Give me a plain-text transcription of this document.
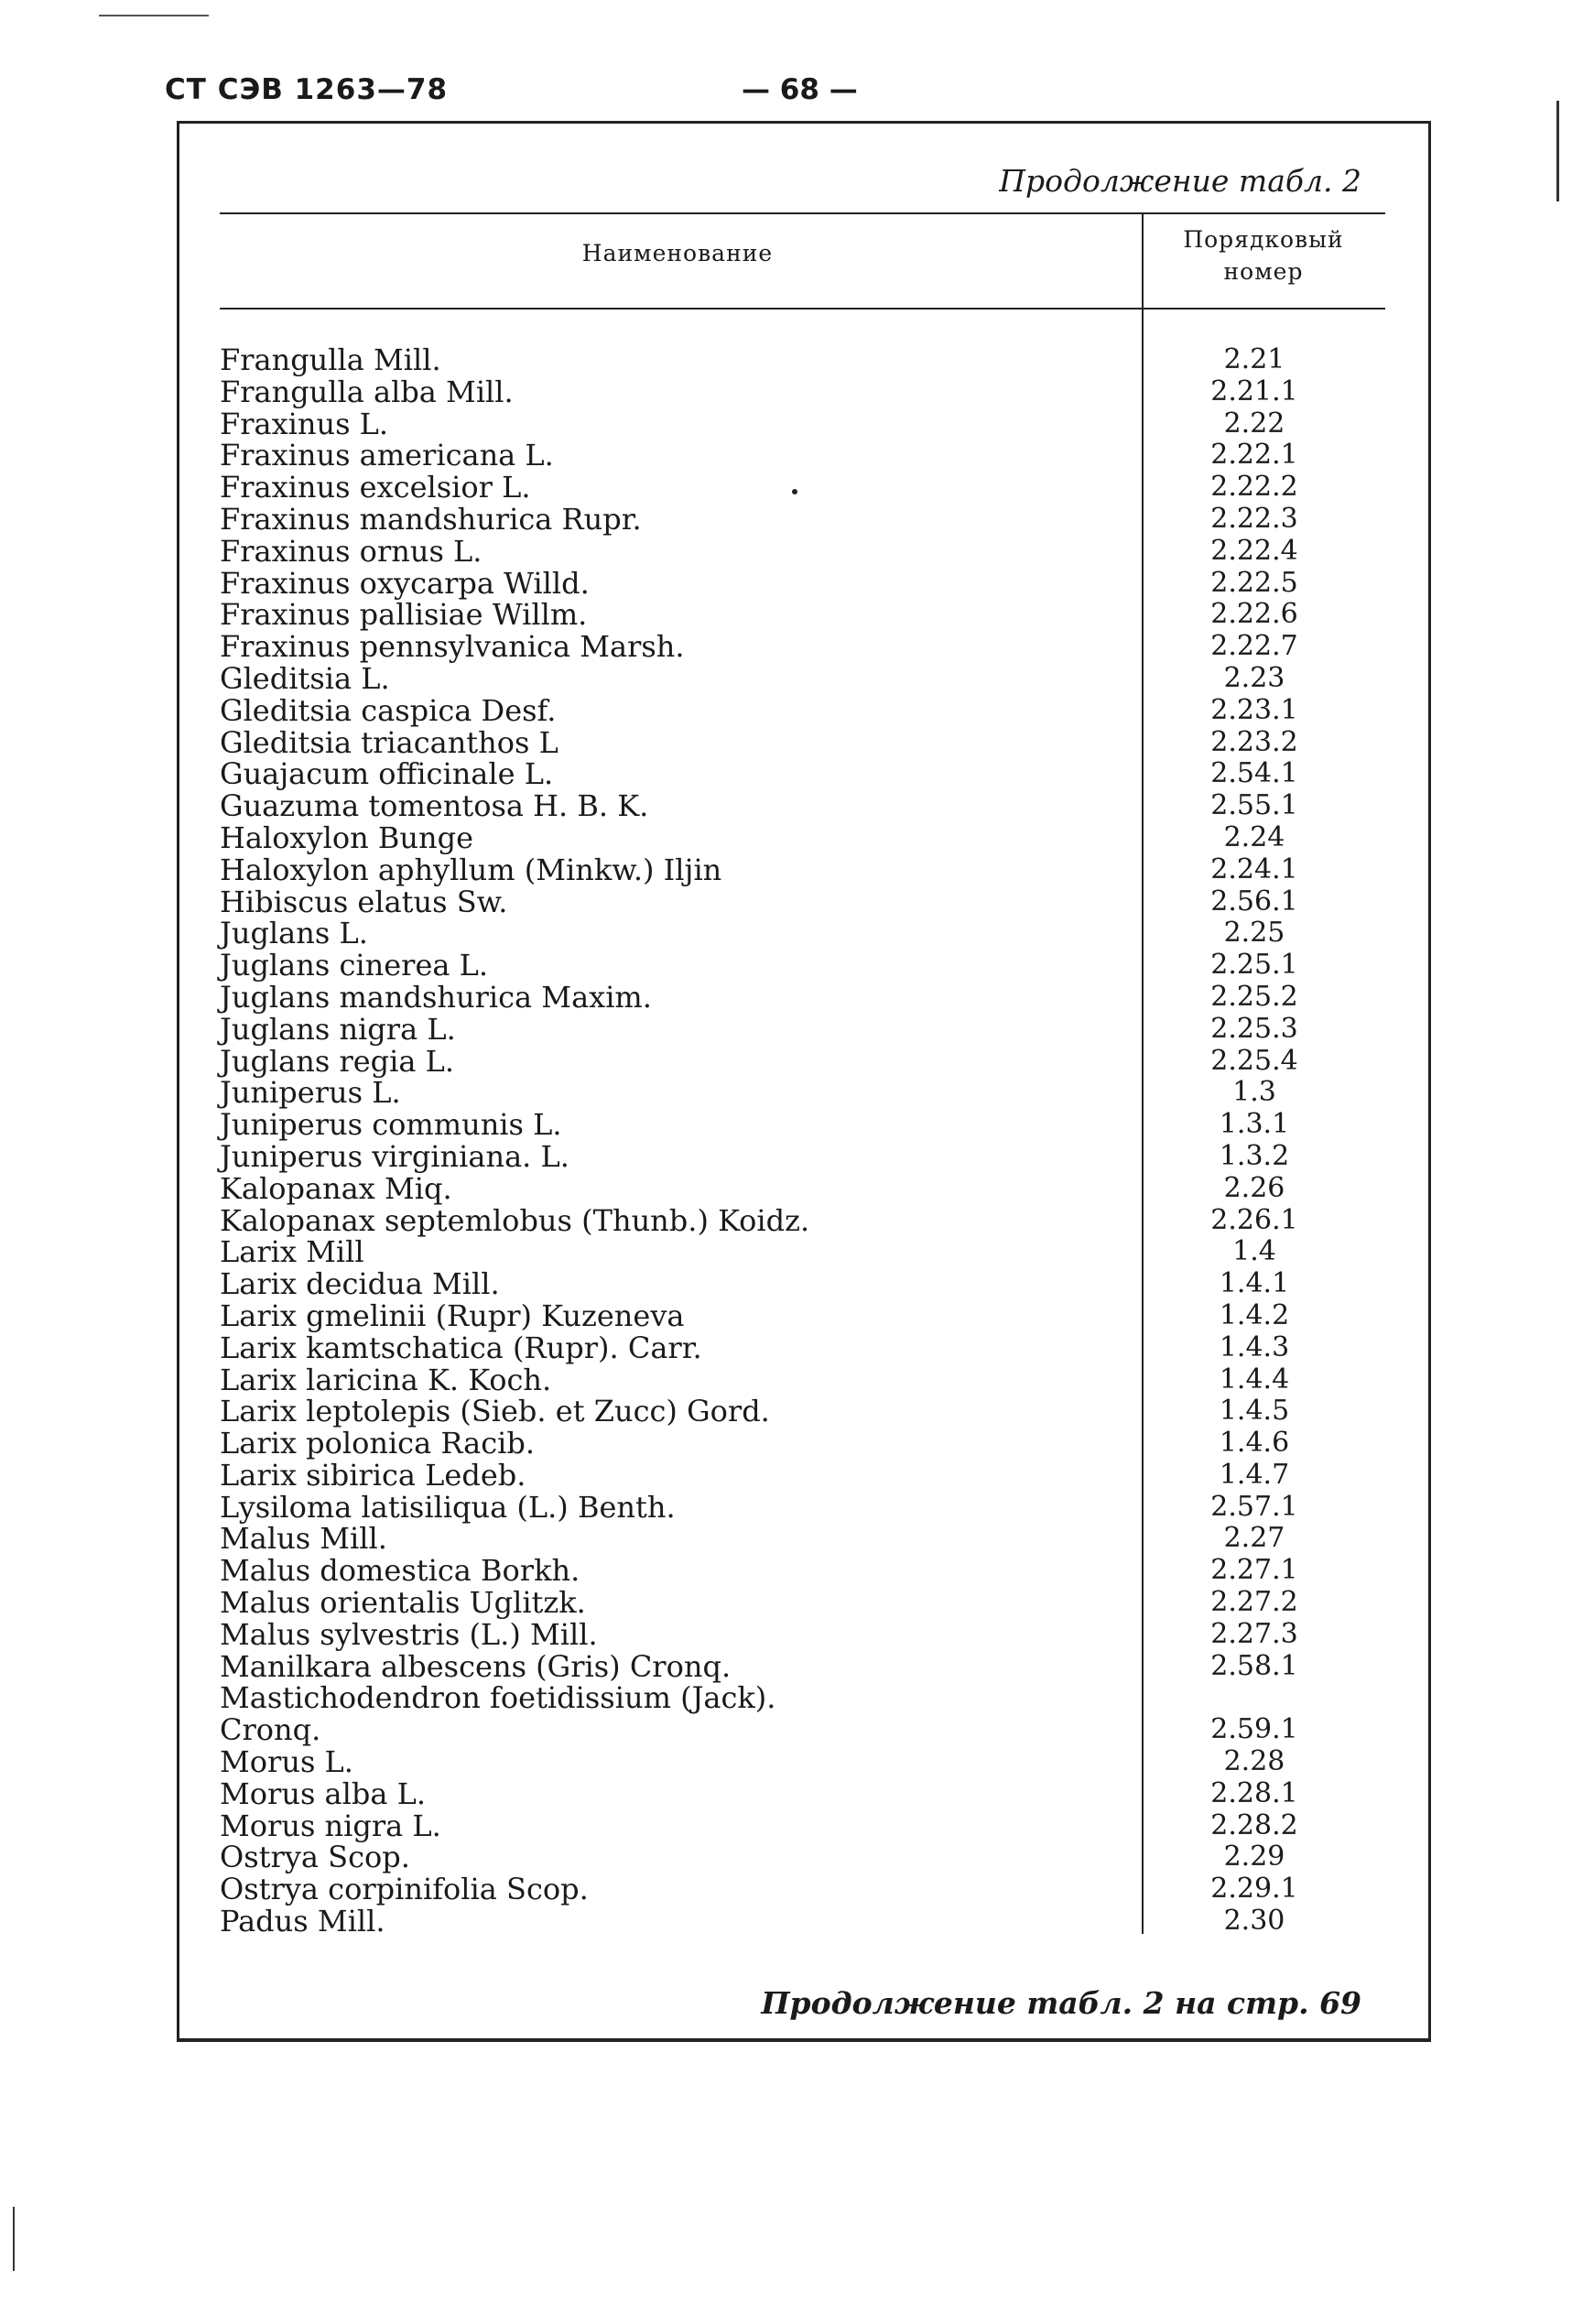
СТ СЭВ 1263—78	— 68 —
Продолжение табл. 2
Наименование
Порядковый
номер
Frangulla Mill.	2.21
Frangulla alba Mill.	2.21.1
Fraxinus L.	2.22
Fraxinus americana L.	2.22.1
Fraxinus excelsior L.	2.22.2
Fraxinus mandshurica Rupr.	2.22.3
Fraxinus ornus L.	2.22.4
Fraxinus oxycarpa Willd.	2.22.5
Fraxinus pallisiae Willm.	2.22.6
Fraxinus pennsylvanica Marsh.	2.22.7
Gleditsia L.	2.23
Gleditsia caspica Desf.	2.23.1
Gleditsia triacanthos L	2.23.2
Guajacum officinale L.	2.54.1
Guazuma tomentosa H. B. K.	2.55.1
Haloxylon Bunge	2.24
Haloxylon aphyllum (Minkw.) Iljin	2.24.1
Hibiscus elatus Sw.	2.56.1
Juglans L.	2.25
Juglans cinerea L.	2.25.1
Juglans mandshurica Maxim.	2.25.2
Juglans nigra L.	2.25.3
Juglans regia L.	2.25.4
Juniperus L.	1.3
Juniperus communis L.	1.3.1
Juniperus virginiana. L.	1.3.2
Kalopanax Miq.	2.26
Kalopanax septemlobus (Thunb.) Koidz.	2.26.1
Larix Mill	1.4
Larix decidua Mill.	1.4.1
Larix gmelinii (Rupr) Kuzeneva	1.4.2
Larix kamtschatica (Rupr). Carr.	1.4.3
Larix laricina K. Koch.	1.4.4
Larix leptolepis (Sieb. et Zucc) Gord.	1.4.5
Larix polonica Racib.	1.4.6
Larix sibirica Ledeb.	1.4.7
Lysiloma latisiliqua (L.) Benth.	2.57.1
Malus Mill.	2.27
Malus domestica Borkh.	2.27.1
Malus orientalis Uglitzk.	2.27.2
Malus sylvestris (L.) Mill.	2.27.3
Manilkara albescens (Gris) Cronq.	2.58.1
Mastichodendron foetidissium (Jack).
Cronq.	2.59.1
Morus L.	2.28
Morus alba L.	2.28.1
Morus nigra L.	2.28.2
Ostrya Scop.	2.29
Ostrya corpinifolia Scop.	2.29.1
Padus Mill.	2.30
Продолжение табл. 2 на стр. 69
